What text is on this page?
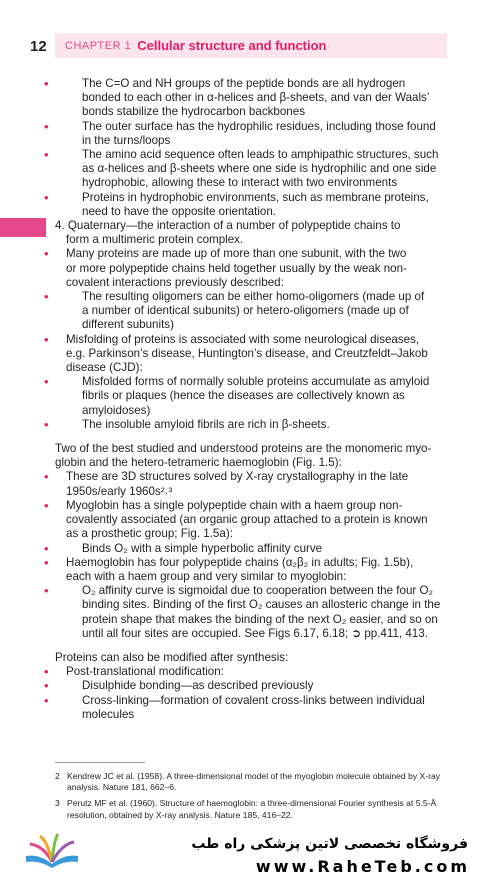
12 CHAPTER 1 Cellular structure and function
• The C=O and NH groups of the peptide bonds are all hydrogen
bonded to each other in α-helices and β-sheets, and van der Waals’
bonds stabilize the hydrocarbon backbones
• The outer surface has the hydrophilic residues, including those found
in the turns/loops
• The amino acid sequence often leads to amphipathic structures, such
as α-helices and β-sheets where one side is hydrophilic and one side
hydrophobic, allowing these to interact with two environments
• Proteins in hydrophobic environments, such as membrane proteins,
need to have the opposite orientation.
4. Quaternary—the interaction of a number of polypeptide chains to
form a multimeric protein complex.
• Many proteins are made up of more than one subunit, with the two
or more polypeptide chains held together usually by the weak non-
covalent interactions previously described:
• The resulting oligomers can be either homo-oligomers (made up of
a number of identical subunits) or hetero-oligomers (made up of
different subunits)
• Misfolding of proteins is associated with some neurological diseases,
e.g. Parkinson’s disease, Huntington’s disease, and Creutzfeldt–Jakob
disease (CJD):
• Misfolded forms of normally soluble proteins accumulate as amyloid
fibrils or plaques (hence the diseases are collectively known as
amyloidoses)
• The insoluble amyloid fibrils are rich in β-sheets.
Two of the best studied and understood proteins are the monomeric myo-
globin and the hetero-tetrameric haemoglobin (Fig. 1.5):
• These are 3D structures solved by X-ray crystallography in the late
1950s/early 1960s²˒³
• Myoglobin has a single polypeptide chain with a haem group non-
covalently associated (an organic group attached to a protein is known
as a prosthetic group; Fig. 1.5a):
• Binds O₂ with a simple hyperbolic affinity curve
• Haemoglobin has four polypeptide chains (α₂β₂ in adults; Fig. 1.5b),
each with a haem group and very similar to myoglobin:
• O₂ affinity curve is sigmoidal due to cooperation between the four O₂
binding sites. Binding of the first O₂ causes an allosteric change in the
protein shape that makes the binding of the next O₂ easier, and so on
until all four sites are occupied. See Figs 6.17, 6.18; ➲ pp.411, 413.
Proteins can also be modified after synthesis:
• Post-translational modification:
• Disulphide bonding—as described previously
• Cross-linking—formation of covalent cross-links between individual
molecules
2 Kendrew JC et al. (1958). A three-dimensional model of the myoglobin molecule obtained by X-ray analysis. Nature 181, 662–6.
3 Perutz MF et al. (1960). Structure of haemoglobin: a three-dimensional Fourier synthesis at 5.5-Å resolution, obtained by X-ray analysis. Nature 185, 416–22.
فروشگاه تخصصی لاتین پزشکی راه طب
www.RaheTeb.com
